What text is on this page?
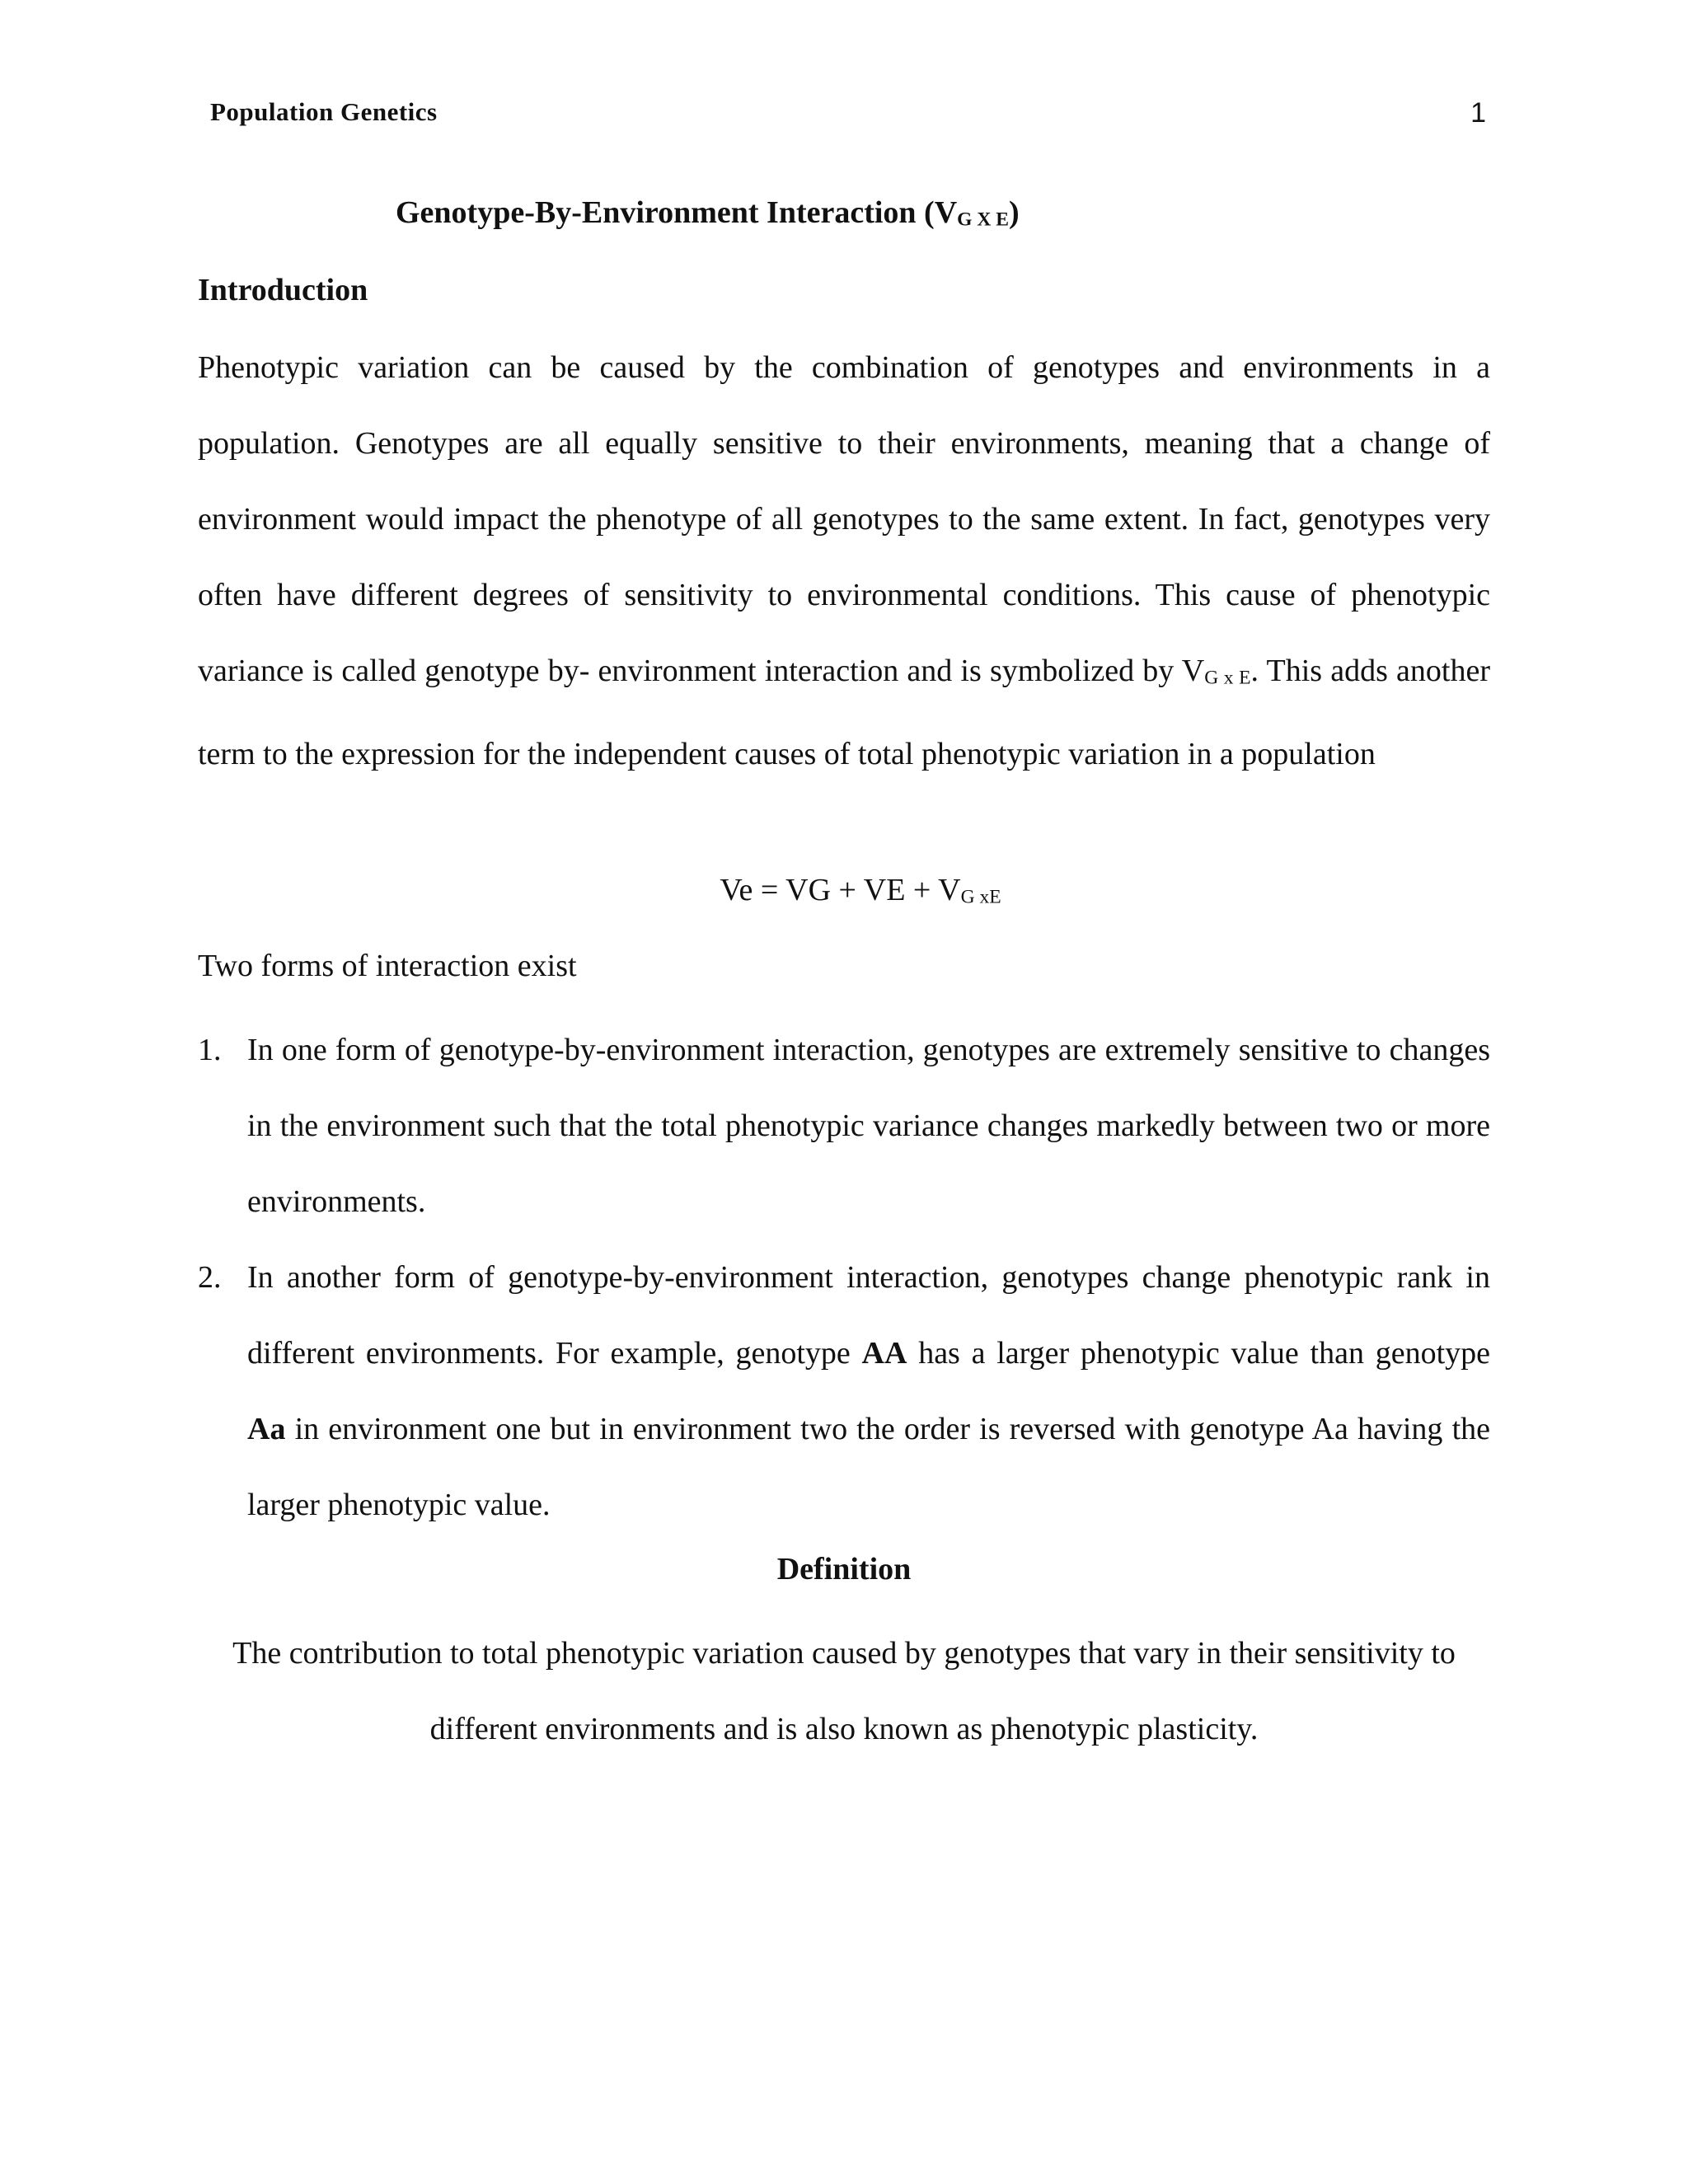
Population Genetics	1
Genotype-By-Environment Interaction $(V_{G X E})$
Introduction

Phenotypic variation can be caused by the combination of genotypes and environments in a population. Genotypes are all equally sensitive to their environments, meaning that a change of environment would impact the phenotype of all genotypes to the same extent. In fact, genotypes very often have different degrees of sensitivity to environmental conditions. This cause of phenotypic variance is called genotype by- environment interaction and is symbolized by $V_{G x E}$. This adds another term to the expression for the independent causes of total phenotypic variation in a population

Ve = VG + VE + $V_{G xE}$
Two forms of interaction exist
1. In one form of genotype-by-environment interaction, genotypes are extremely sensitive to changes in the environment such that the total phenotypic variance changes markedly between two or more environments.
2. In another form of genotype-by-environment interaction, genotypes change phenotypic rank in different environments. For example, genotype AA has a larger phenotypic value than genotype Aa in environment one but in environment two the order is reversed with genotype Aa having the larger phenotypic value.
Definition

The contribution to total phenotypic variation caused by genotypes that vary in their sensitivity to different environments and is also known as phenotypic plasticity.
